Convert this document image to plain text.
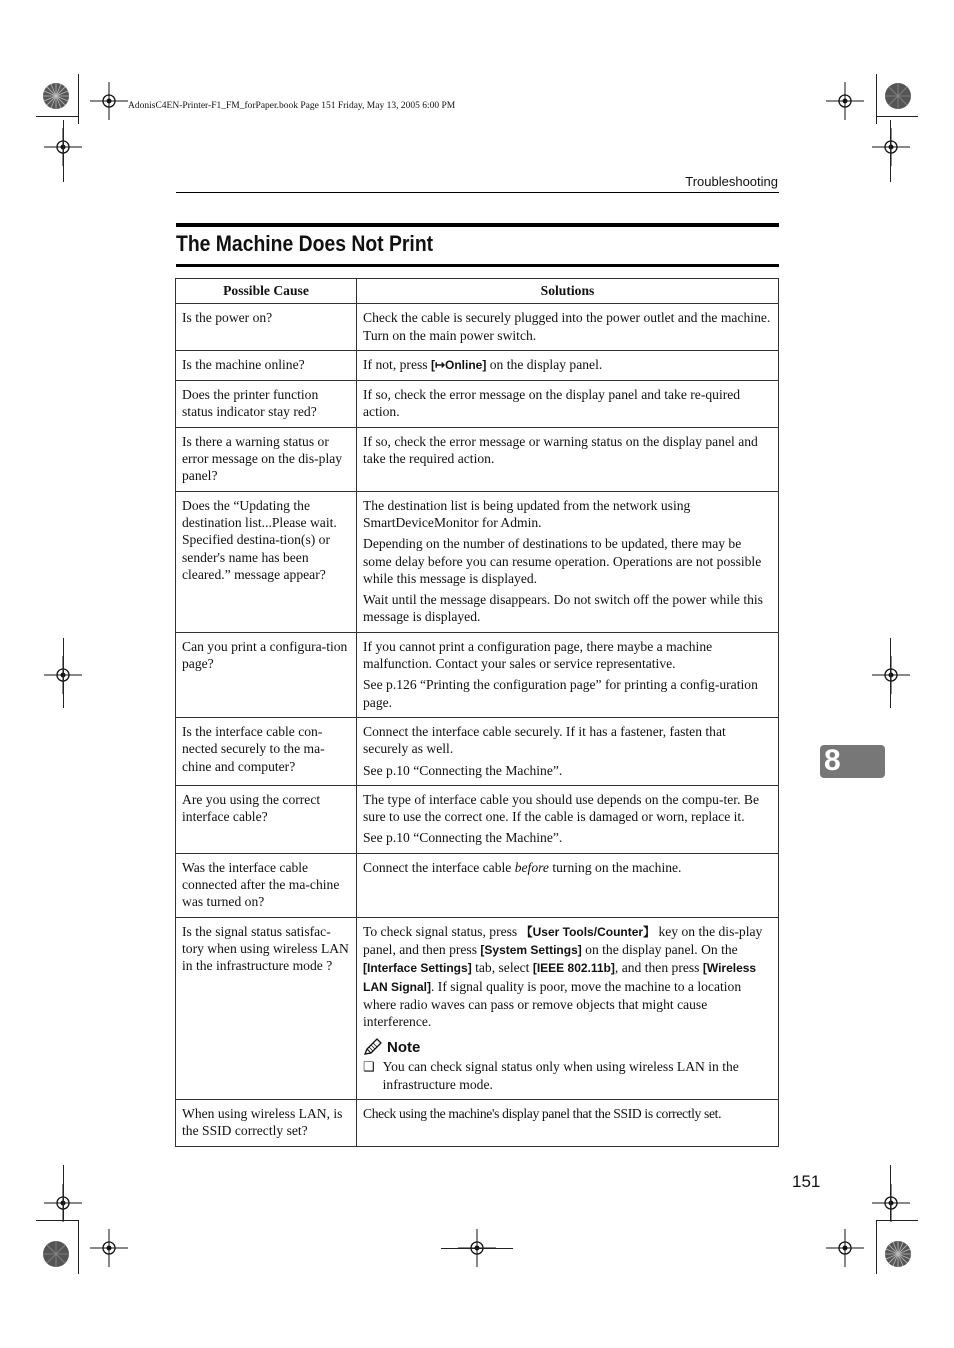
AdonisC4EN-Printer-F1_FM_forPaper.book Page 151 Friday, May 13, 2005 6:00 PM
Troubleshooting
The Machine Does Not Print
Possible Cause	Solutions
Is the power on?	Check the cable is securely plugged into the power outlet and the machine. Turn on the main power switch.

Is the machine online?	If not, press [↦Online] on the display panel.
Does the printer function status indicator stay red?	If so, check the error message on the display panel and take re-quired action.

Is there a warning status or error message on the dis-play panel?	If so, check the error message or warning status on the display panel and take the required action.

Does the “Updating the destination list...Please wait. Specified destina-tion(s) or sender's name has been cleared.” message appear?	The destination list is being updated from the network using SmartDeviceMonitor for Admin.

Depending on the number of destinations to be updated, there may be some delay before you can resume operation. Operations are not possible while this message is displayed.

Wait until the message disappears. Do not switch off the power while this message is displayed.

Can you print a configura-tion page?	If you cannot print a configuration page, there maybe a machine malfunction. Contact your sales or service representative.

See p.126 “Printing the configuration page” for printing a config-uration page.

Is the interface cable con-nected securely to the ma-chine and computer?	Connect the interface cable securely. If it has a fastener, fasten that securely as well.

See p.10 “Connecting the Machine”.

Are you using the correct interface cable?	The type of interface cable you should use depends on the compu-ter. Be sure to use the correct one. If the cable is damaged or worn, replace it.

See p.10 “Connecting the Machine”.

Was the interface cable connected after the ma-chine was turned on?	Connect the interface cable before turning on the machine.
Is the signal status satisfac-tory when using wireless LAN in the infrastructure mode ?	To check signal status, press 【User Tools/Counter】 key on the dis-play panel, and then press [System Settings] on the display panel. On the [Interface Settings] tab, select [IEEE 802.11b], and then press [Wireless LAN Signal]. If signal quality is poor, move the machine to a location where radio waves can pass or remove objects that might cause interference.
Note
❑ You can check signal status only when using wireless LAN in the infrastructure mode.

When using wireless LAN, is the SSID correctly set?	Check using the machine's display panel that the SSID is correctly set.

8
151
